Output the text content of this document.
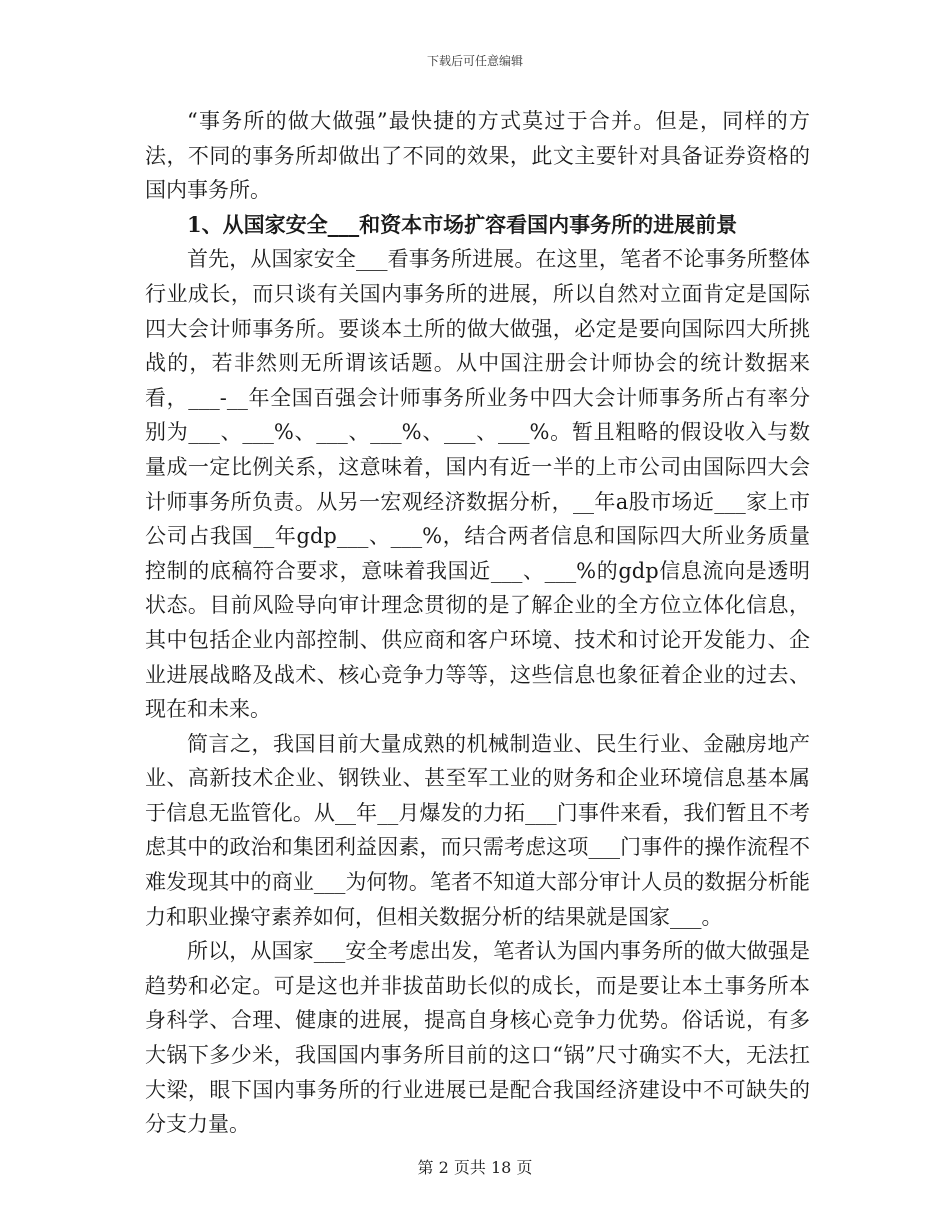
下载后可任意编辑

“事务所的做大做强”最快捷的方式莫过于合并。但是，同样的方法，不同的事务所却做出了不同的效果，此文主要针对具备证券资格的国内事务所。

1、从国家安全___和资本市场扩容看国内事务所的进展前景

首先，从国家安全___看事务所进展。在这里，笔者不论事务所整体行业成长，而只谈有关国内事务所的进展，所以自然对立面肯定是国际四大会计师事务所。要谈本土所的做大做强，必定是要向国际四大所挑战的，若非然则无所谓该话题。从中国注册会计师协会的统计数据来看，___-__年全国百强会计师事务所业务中四大会计师事务所占有率分别为___、___%、___、___%、___、___%。暂且粗略的假设收入与数量成一定比例关系，这意味着，国内有近一半的上市公司由国际四大会计师事务所负责。从另一宏观经济数据分析，__年a股市场近___家上市公司占我国__年gdp___、___%，结合两者信息和国际四大所业务质量控制的底稿符合要求，意味着我国近___、___%的gdp信息流向是透明状态。目前风险导向审计理念贯彻的是了解企业的全方位立体化信息，其中包括企业内部控制、供应商和客户环境、技术和讨论开发能力、企业进展战略及战术、核心竞争力等等，这些信息也象征着企业的过去、现在和未来。

简言之，我国目前大量成熟的机械制造业、民生行业、金融房地产业、高新技术企业、钢铁业、甚至军工业的财务和企业环境信息基本属于信息无监管化。从__年__月爆发的力拓___门事件来看，我们暂且不考虑其中的政治和集团利益因素，而只需考虑这项___门事件的操作流程不难发现其中的商业___为何物。笔者不知道大部分审计人员的数据分析能力和职业操守素养如何，但相关数据分析的结果就是国家___。

所以，从国家___安全考虑出发，笔者认为国内事务所的做大做强是趋势和必定。可是这也并非拔苗助长似的成长，而是要让本土事务所本身科学、合理、健康的进展，提高自身核心竞争力优势。俗话说，有多大锅下多少米，我国国内事务所目前的这口“锅”尺寸确实不大，无法扛大梁，眼下国内事务所的行业进展已是配合我国经济建设中不可缺失的分支力量。

第 2 页共 18 页
